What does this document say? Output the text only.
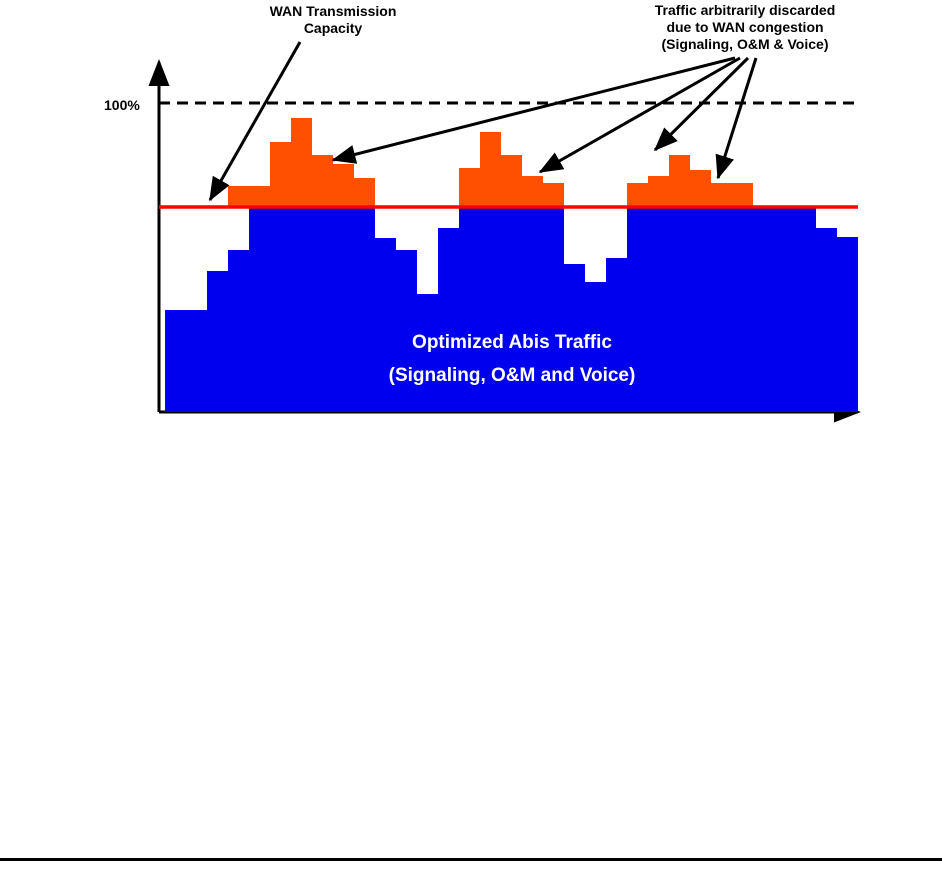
100%
WAN Transmission
Capacity
Traffic arbitrarily discarded
due to WAN congestion
(Signaling, O&M & Voice)
Optimized Abis Traffic
(Signaling, O&M and Voice)
